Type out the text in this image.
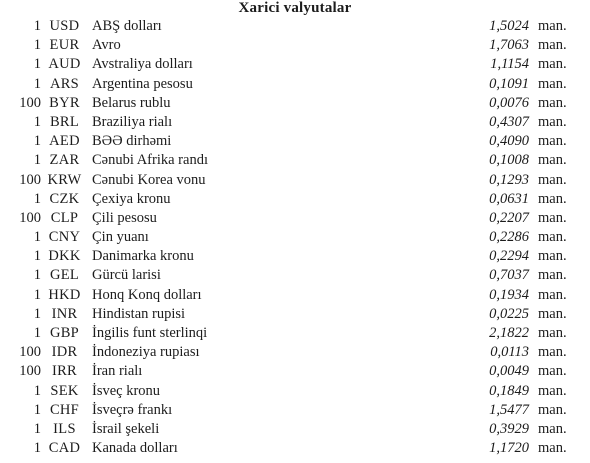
Xarici valyutalar
1 USD ABŞ dolları	1,5024 man.
1 EUR Avro	1,7063 man.
1 AUD Avstraliya dolları	1,1154 man.
1 ARS Argentina pesosu	0,1091 man.
100 BYR Belarus rublu	0,0076 man.
1 BRL Braziliya rialı	0,4307 man.
1 AED BƏƏ dirhəmi	0,4090 man.
1 ZAR Cənubi Afrika randı	0,1008 man.
100 KRW Cənubi Korea vonu	0,1293 man.
1 CZK Çexiya kronu	0,0631 man.
100 CLP Çili pesosu	0,2207 man.
1 CNY Çin yuanı	0,2286 man.
1 DKK Danimarka kronu	0,2294 man.
1 GEL Gürcü larisi	0,7037 man.
1 HKD Honq Konq dolları	0,1934 man.
1 INR	Hindistan rupisi	0,0225 man.
1 GBP İngilis funt sterlinqi	2,1822 man.
100 IDR	İndoneziya rupiası	0,0113 man.
100 IRR	İran rialı	0,0049 man.
1 SEK İsveç kronu	0,1849 man.
1 CHF İsveçrə frankı	1,5477 man.
1 ILS	İsrail şekeli	0,3929 man.
1 CAD Kanada dolları	1,1720 man.
